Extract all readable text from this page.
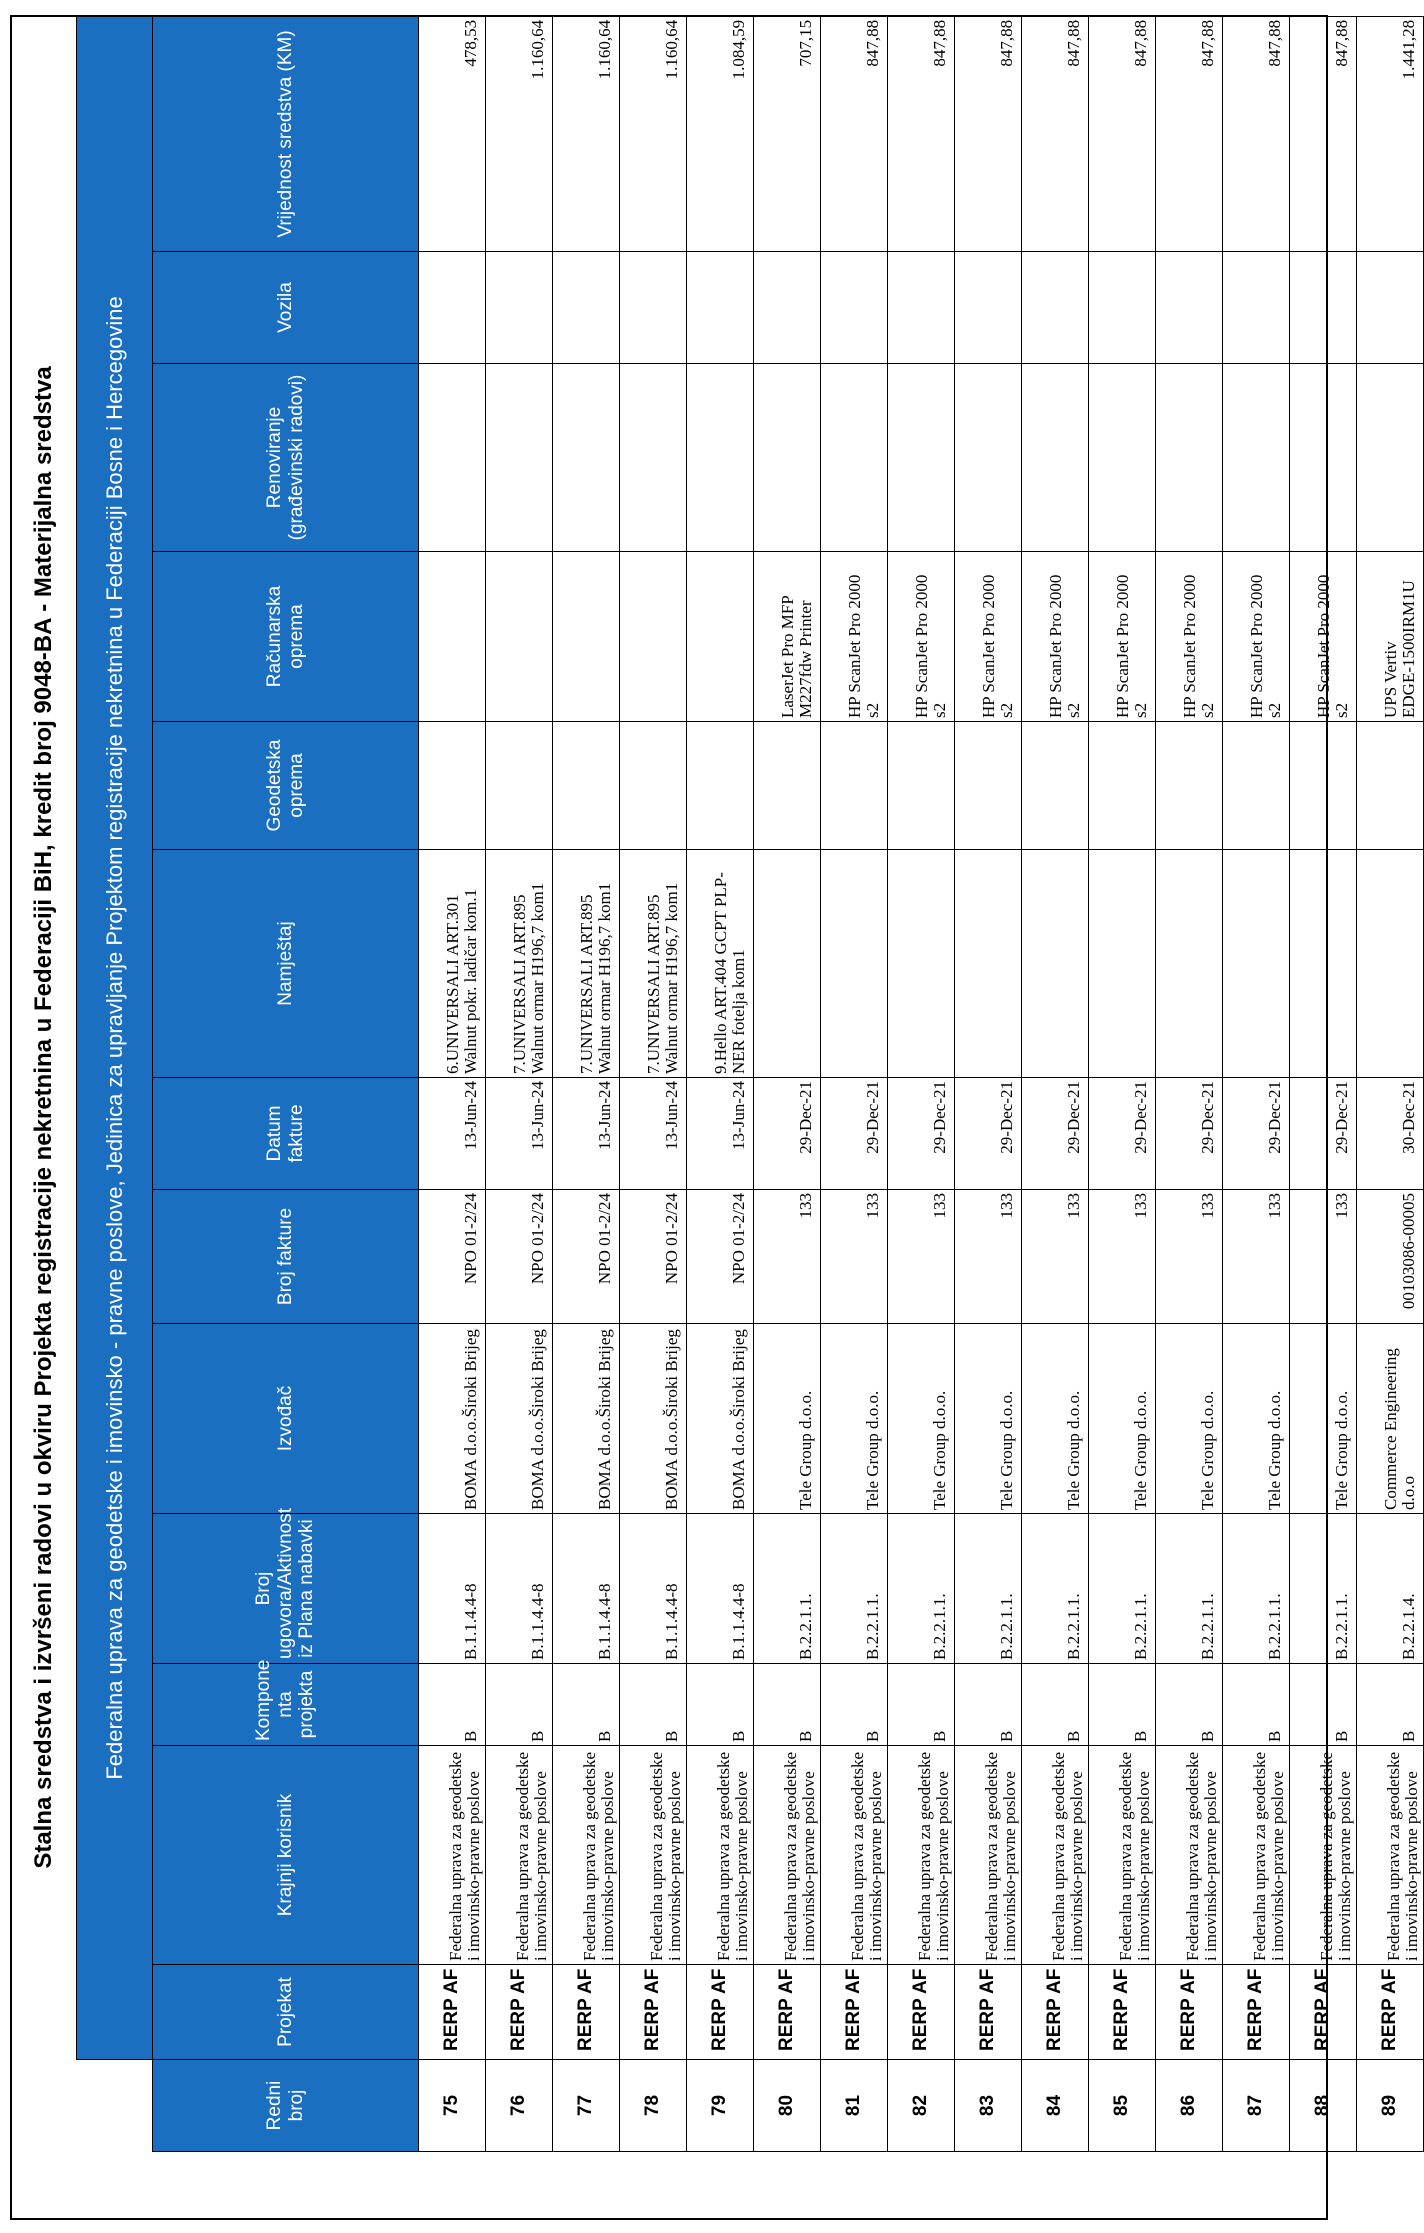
Stalna sredstva i izvršeni radovi u okviru Projekta registracije nekretnina u Federaciji BiH, kredit broj 9048-BA - Materijalna sredstva
		Federalna uprava za geodetske i imovinsko - pravne poslove, Jedinica za upravljanje Projektom registracije nekretnina u Federaciji Bosne i Hercegovine												
Redni broj	Projekat	Krajnji korisnik	Kompone nta projekta	Broj ugovora/Aktivnost iz Plana nabavki	Izvođač	Broj fakture	Datum fakture	Namještaj	Geodetska oprema	Računarska oprema	Renoviranje (građevinski radovi)	Vozila	Vrijednost sredstva (KM)

75	RERP AF	Federalna uprava za geodetske i imovinsko-pravne poslove	B	B.1.1.4.4-8	BOMA d.o.o.Široki Brijeg	NPO 01-2/24	13-Jun-24	6.UNIVERSALI ART.301
Walnut pokr. ladičar kom.1					478,53

76	RERP AF	Federalna uprava za geodetske i imovinsko-pravne poslove	B	B.1.1.4.4-8	BOMA d.o.o.Široki Brijeg	NPO 01-2/24	13-Jun-24	7.UNIVERSALI ART.895
Walnut ormar H196,7 kom1					1.160,64

77	RERP AF	Federalna uprava za geodetske i imovinsko-pravne poslove	B	B.1.1.4.4-8	BOMA d.o.o.Široki Brijeg	NPO 01-2/24	13-Jun-24	7.UNIVERSALI ART.895
Walnut ormar H196,7 kom1					1.160,64

78	RERP AF	Federalna uprava za geodetske i imovinsko-pravne poslove	B	B.1.1.4.4-8	BOMA d.o.o.Široki Brijeg	NPO 01-2/24	13-Jun-24	7.UNIVERSALI ART.895
Walnut ormar H196,7 kom1					1.160,64

79	RERP AF	Federalna uprava za geodetske i imovinsko-pravne poslove	B	B.1.1.4.4-8	BOMA d.o.o.Široki Brijeg	NPO 01-2/24	13-Jun-24	9.Hello ART.404 GCPT PLP-
NER fotelja kom1					1.084,59

80	RERP AF	Federalna uprava za geodetske i imovinsko-pravne poslove	B	B.2.2.1.1.	Tele Group d.o.o.	133	29-Dec-21			LaserJet Pro MFP
M227fdw Printer			707,15

81	RERP AF	Federalna uprava za geodetske i imovinsko-pravne poslove	B	B.2.2.1.1.	Tele Group d.o.o.	133	29-Dec-21			HP ScanJet Pro 2000
s2			847,88

82	RERP AF	Federalna uprava za geodetske i imovinsko-pravne poslove	B	B.2.2.1.1.	Tele Group d.o.o.	133	29-Dec-21			HP ScanJet Pro 2000
s2			847,88

83	RERP AF	Federalna uprava za geodetske i imovinsko-pravne poslove	B	B.2.2.1.1.	Tele Group d.o.o.	133	29-Dec-21			HP ScanJet Pro 2000
s2			847,88

84	RERP AF	Federalna uprava za geodetske i imovinsko-pravne poslove	B	B.2.2.1.1.	Tele Group d.o.o.	133	29-Dec-21			HP ScanJet Pro 2000
s2			847,88

85	RERP AF	Federalna uprava za geodetske i imovinsko-pravne poslove	B	B.2.2.1.1.	Tele Group d.o.o.	133	29-Dec-21			HP ScanJet Pro 2000
s2			847,88

86	RERP AF	Federalna uprava za geodetske i imovinsko-pravne poslove	B	B.2.2.1.1.	Tele Group d.o.o.	133	29-Dec-21			HP ScanJet Pro 2000
s2			847,88

87	RERP AF	Federalna uprava za geodetske i imovinsko-pravne poslove	B	B.2.2.1.1.	Tele Group d.o.o.	133	29-Dec-21			HP ScanJet Pro 2000
s2			847,88

88	RERP AF	Federalna uprava za geodetske i imovinsko-pravne poslove	B	B.2.2.1.1.	Tele Group d.o.o.	133	29-Dec-21			HP ScanJet Pro 2000
s2			847,88

89	RERP AF	Federalna uprava za geodetske i imovinsko-pravne poslove	B	B.2.2.1.4.	Commerce Engineering d.o.o	00103086-00005	30-Dec-21			UPS Vertiv
EDGE-1500IRM1U			1.441,28
